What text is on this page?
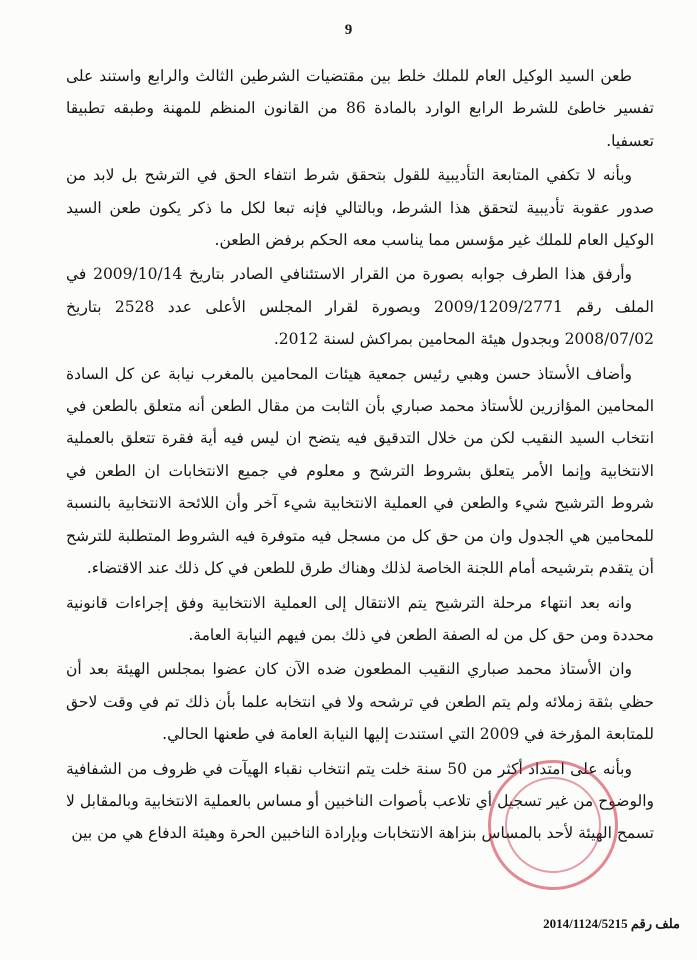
9

طعن السيد الوكيل العام للملك خلط بين مقتضيات الشرطين الثالث والرابع واستند على تفسير خاطئ للشرط الرابع الوارد بالمادة 86 من القانون المنظم للمهنة وطبقه تطبيقا تعسفيا.

وبأنه لا تكفي المتابعة التأديبية للقول بتحقق شرط انتفاء الحق في الترشح بل لابد من صدور عقوبة تأديبية لتحقق هذا الشرط، وبالتالي فإنه تبعا لكل ما ذكر يكون طعن السيد الوكيل العام للملك غير مؤسس مما يناسب معه الحكم برفض الطعن.

وأرفق هذا الطرف جوابه بصورة من القرار الاستئنافي الصادر بتاريخ 2009/10/14 في الملف رقم 2009/1209/2771 وبصورة لقرار المجلس الأعلى عدد 2528 بتاريخ 2008/07/02 وبجدول هيئة المحامين بمراكش لسنة 2012.

وأضاف الأستاذ حسن وهبي رئيس جمعية هيئات المحامين بالمغرب نيابة عن كل السادة المحامين المؤازرين للأستاذ محمد صباري بأن الثابت من مقال الطعن أنه متعلق بالطعن في انتخاب السيد النقيب لكن من خلال التدقيق فيه يتضح ان ليس فيه أية فقرة تتعلق بالعملية الانتخابية وإنما الأمر يتعلق بشروط الترشح و معلوم في جميع الانتخابات ان الطعن في شروط الترشيح شيء والطعن في العملية الانتخابية شيء آخر وأن اللائحة الانتخابية بالنسبة للمحامين هي الجدول وان من حق كل من مسجل فيه متوفرة فيه الشروط المتطلبة للترشح أن يتقدم بترشيحه أمام اللجنة الخاصة لذلك وهناك طرق للطعن في كل ذلك عند الاقتضاء.

وانه بعد انتهاء مرحلة الترشيح يتم الانتقال إلى العملية الانتخابية وفق إجراءات قانونية محددة ومن حق كل من له الصفة الطعن في ذلك بمن فيهم النيابة العامة.

وان الأستاذ محمد صباري النقيب المطعون ضده الآن كان عضوا بمجلس الهيئة بعد أن حظي بثقة زملائه ولم يتم الطعن في ترشحه ولا في انتخابه علما بأن ذلك تم في وقت لاحق للمتابعة المؤرخة في 2009 التي استندت إليها النيابة العامة في طعنها الحالي.

وبأنه على امتداد أكثر من 50 سنة خلت يتم انتخاب نقباء الهيآت في ظروف من الشفافية والوضوح من غير تسجيل أي تلاعب بأصوات الناخبين أو مساس بالعملية الانتخابية وبالمقابل لا تسمح الهيئة لأحد بالمساس بنزاهة الانتخابات وبإرادة الناخبين الحرة وهيئة الدفاع هي من بين

ملف رقم 2014/1124/5215
